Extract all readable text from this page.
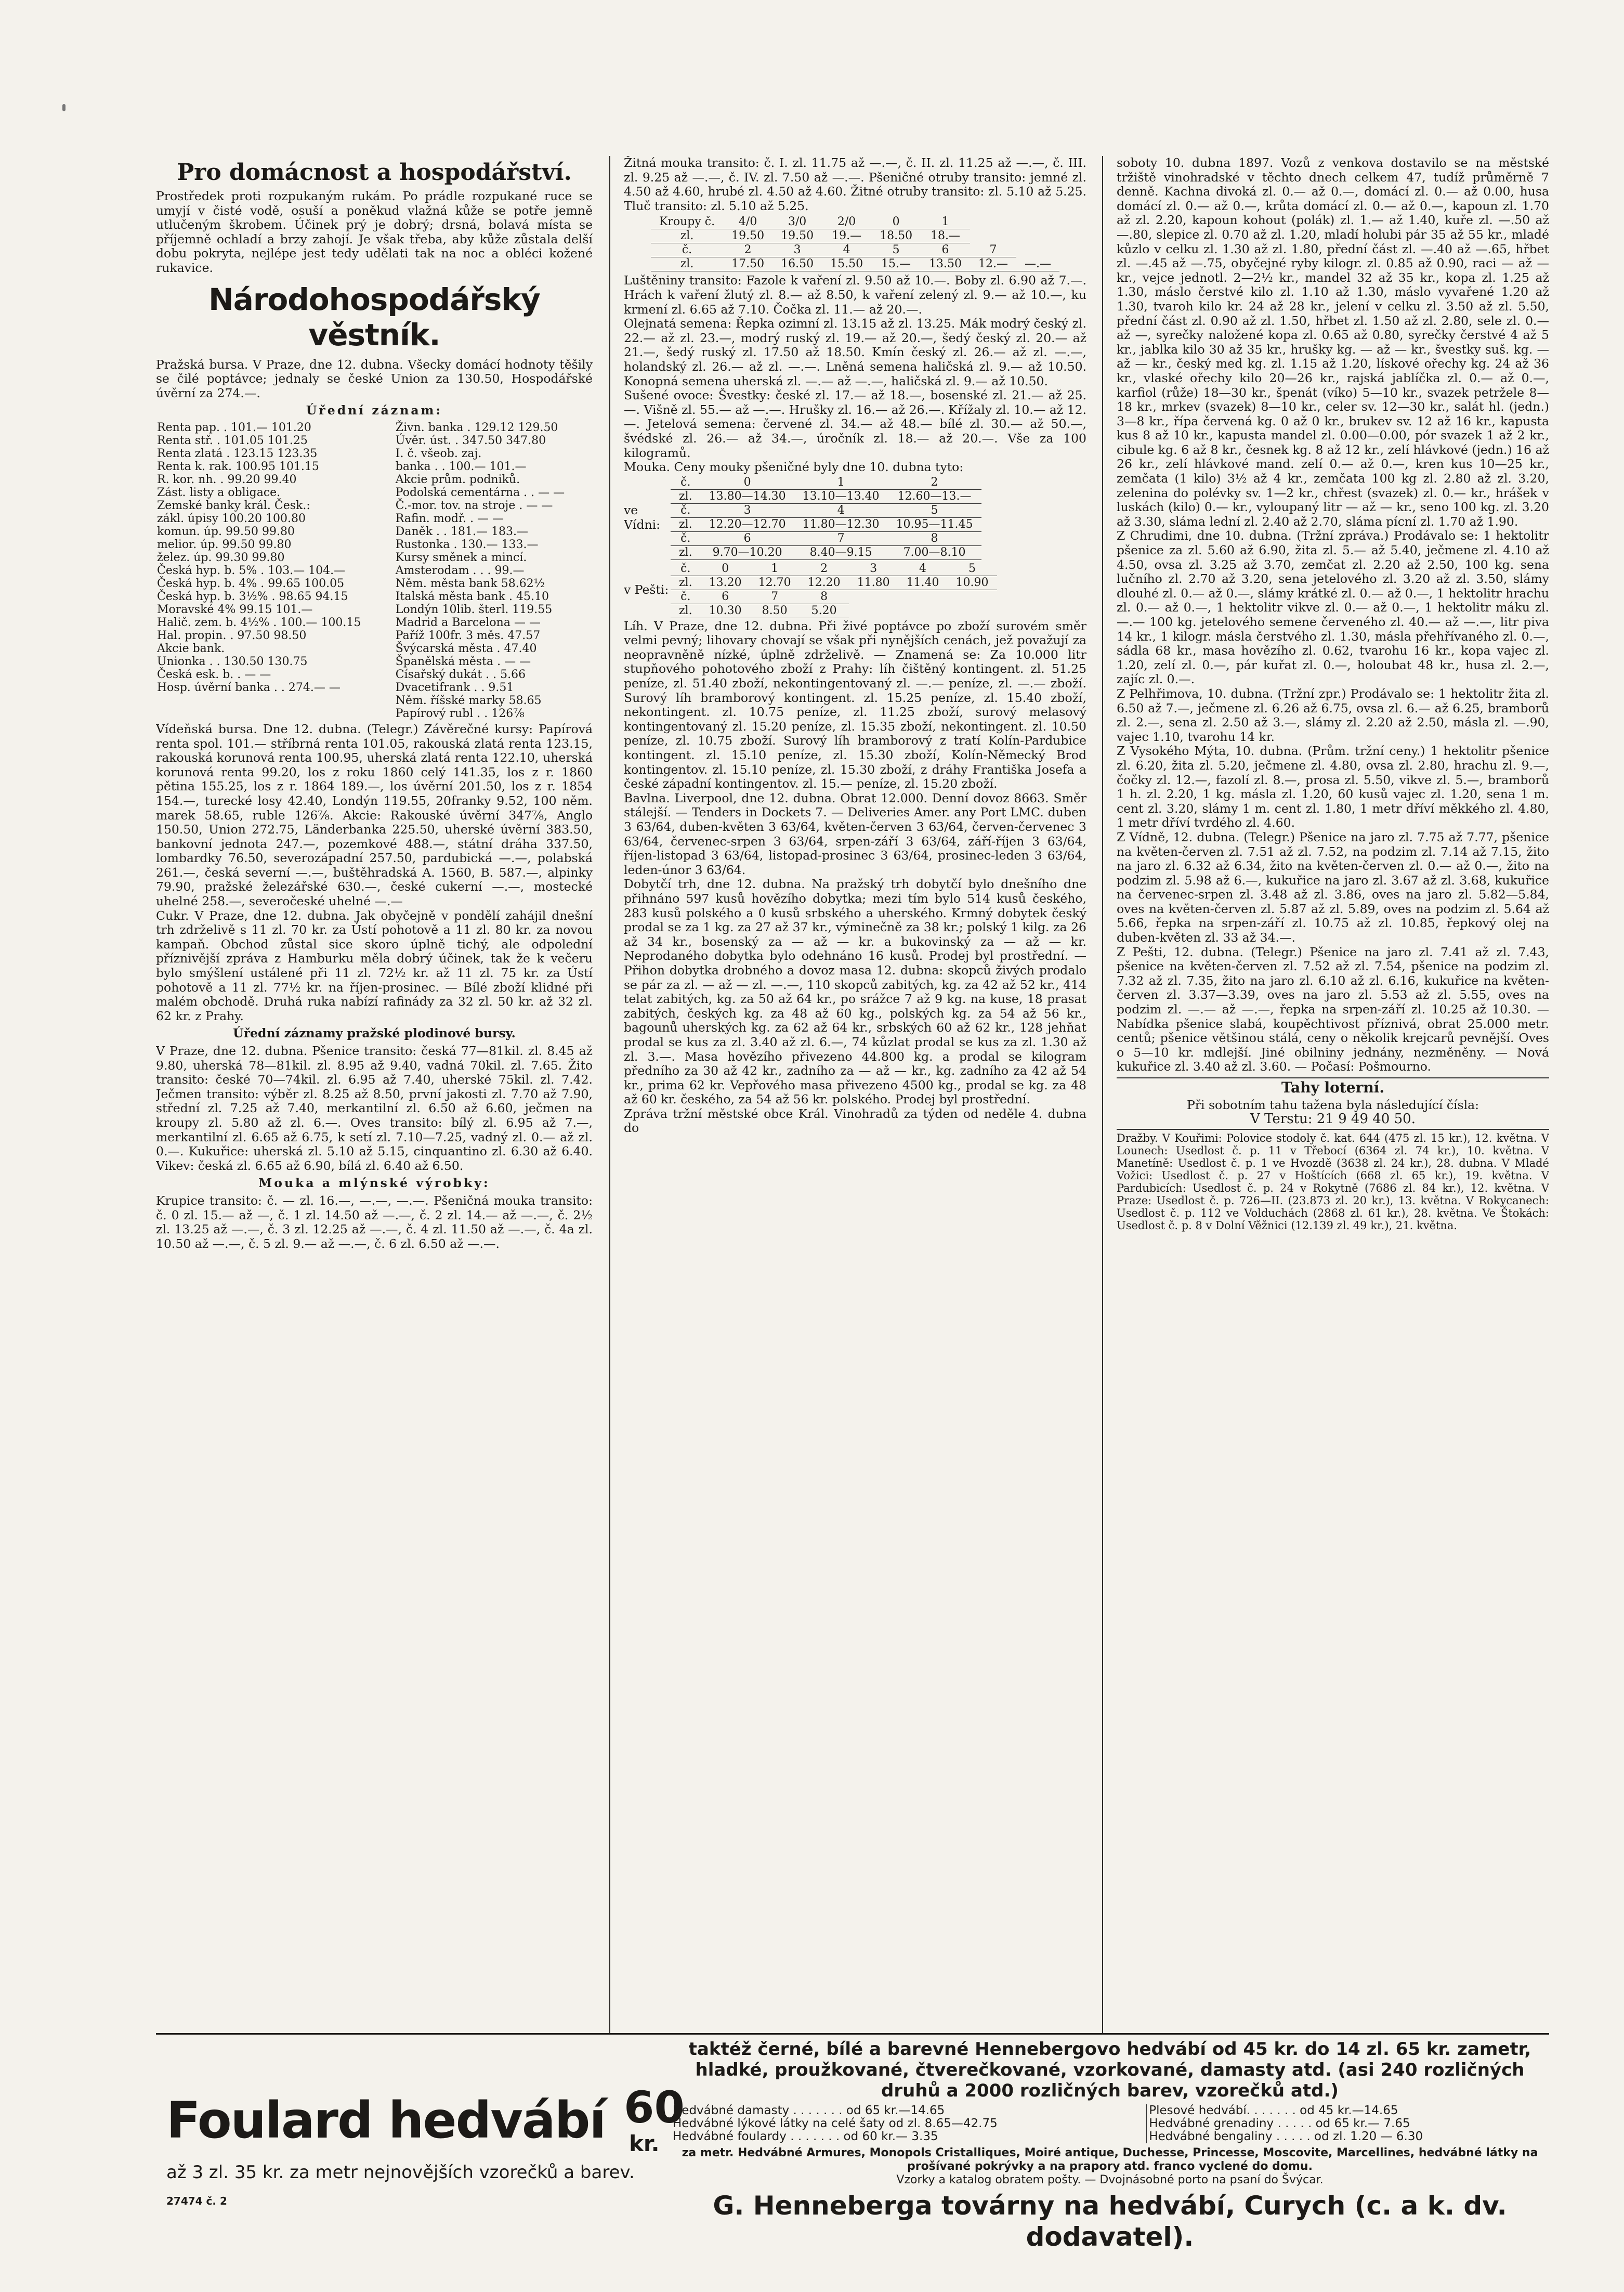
Pro domácnost a hospodářství.

Prostředek proti rozpukaným rukám. Po prádle rozpukané ruce se umyjí v čisté vodě, osuší a poněkud vlažná kůže se potře jemně utlučeným škrobem. Účinek prý je dobrý; drsná, bolavá místa se příjemně ochladí a brzy zahojí. Je však třeba, aby kůže zůstala delší dobu pokryta, nejlépe jest tedy udělati tak na noc a obléci kožené rukavice.

Národohospodářský věstník.

Pražská bursa. V Praze, dne 12. dubna. Všecky domácí hodnoty těšily se čilé poptávce; jednaly se české Union za 130.50, Hospodářské úvěrní za 274.—.

Úřední záznam:
Renta pap. . 101.— 101.20	Živn. banka . 129.12 129.50
Renta stř. . 101.05 101.25	Úvěr. úst. . 347.50 347.80
Renta zlatá . 123.15 123.35	I. č. všeob. zaj.
Renta k. rak. 100.95 101.15	banka . . 100.— 101.—
R. kor. nh. . 99.20 99.40	Akcie prům. podniků.
Zást. listy a obligace.	Podolská cementárna . . — —
Zemské banky král. Česk.:	Č.-mor. tov. na stroje . — —
zákl. úpisy 100.20 100.80	Rafin. modř. . — —
komun. úp. 99.50 99.80	Daněk . . 181.— 183.—
melior. úp. 99.50 99.80	Rustonka . 130.— 133.—
želez. úp. 99.30 99.80	Kursy směnek a mincí.
Česká hyp. b. 5% . 103.— 104.—	Amsterodam . . . 99.—
Česká hyp. b. 4% . 99.65 100.05	Něm. města bank 58.62½
Česká hyp. b. 3½% . 98.65 94.15	Italská města bank . 45.10
Moravské 4% 99.15 101.—	Londýn 10lib. šterl. 119.55
Halič. zem. b. 4½% . 100.— 100.15	Madrid a Barcelona — —
Hal. propin. . 97.50 98.50	Paříž 100fr. 3 měs. 47.57
Akcie bank.	Švýcarská města . 47.40
Unionka . . 130.50 130.75	Španělská města . — —
Česká esk. b. . — —	Císařský dukát . . 5.66
Hosp. úvěrní banka . . 274.— —	Dvacetifrank . . 9.51
	Něm. říšské marky 58.65
	Papírový rubl . . 126⅞

Vídeňská bursa. Dne 12. dubna. (Telegr.) Závěrečné kursy: Papírová renta spol. 101.— stříbrná renta 101.05, rakouská zlatá renta 123.15, rakouská korunová renta 100.95, uherská zlatá renta 122.10, uherská korunová renta 99.20, los z roku 1860 celý 141.35, los z r. 1860 pětina 155.25, los z r. 1864 189.—, los úvěrní 201.50, los z r. 1854 154.—, turecké losy 42.40, Londýn 119.55, 20franky 9.52, 100 něm. marek 58.65, ruble 126⅞. Akcie: Rakouské úvěrní 347⅞, Anglo 150.50, Union 272.75, Länderbanka 225.50, uherské úvěrní 383.50, bankovní jednota 247.—, pozemkové 488.—, státní dráha 337.50, lombardky 76.50, severozápadní 257.50, pardubická —.—, polabská 261.—, česká severní —.—, buštěhradská A. 1560, B. 587.—, alpinky 79.90, pražské železářské 630.—, české cukerní —.—, mostecké uhelné 258.—, severočeské uhelné —.—

Cukr. V Praze, dne 12. dubna. Jak obyčejně v pondělí zahájil dnešní trh zdrželivě s 11 zl. 70 kr. za Ústí pohotově a 11 zl. 80 kr. za novou kampaň. Obchod zůstal sice skoro úplně tichý, ale odpolední příznivější zpráva z Hamburku měla dobrý účinek, tak že k večeru bylo smýšlení ustálené při 11 zl. 72½ kr. až 11 zl. 75 kr. za Ústí pohotově a 11 zl. 77½ kr. na říjen-prosinec. — Bílé zboží klidné při malém obchodě. Druhá ruka nabízí rafinády za 32 zl. 50 kr. až 32 zl. 62 kr. z Prahy.

Úřední záznamy pražské plodinové bursy.

V Praze, dne 12. dubna. Pšenice transito: česká 77—81kil. zl. 8.45 až 9.80, uherská 78—81kil. zl. 8.95 až 9.40, vadná 70kil. zl. 7.65. Žito transito: české 70—74kil. zl. 6.95 až 7.40, uherské 75kil. zl. 7.42. Ječmen transito: výběr zl. 8.25 až 8.50, první jakosti zl. 7.70 až 7.90, střední zl. 7.25 až 7.40, merkantilní zl. 6.50 až 6.60, ječmen na kroupy zl. 5.80 až zl. 6.—. Oves transito: bílý zl. 6.95 až 7.—, merkantilní zl. 6.65 až 6.75, k setí zl. 7.10—7.25, vadný zl. 0.— až zl. 0.—. Kukuřice: uherská zl. 5.10 až 5.15, cinquantino zl. 6.30 až 6.40. Vikev: česká zl. 6.65 až 6.90, bílá zl. 6.40 až 6.50.

Mouka a mlýnské výrobky:

Krupice transito: č. — zl. 16.—, —.—, —.—. Pšeničná mouka transito: č. 0 zl. 15.— až —, č. 1 zl. 14.50 až —.—, č. 2 zl. 14.— až —.—, č. 2½ zl. 13.25 až —.—, č. 3 zl. 12.25 až —.—, č. 4 zl. 11.50 až —.—, č. 4a zl. 10.50 až —.—, č. 5 zl. 9.— až —.—, č. 6 zl. 6.50 až —.—.

Žitná mouka transito: č. I. zl. 11.75 až —.—, č. II. zl. 11.25 až —.—, č. III. zl. 9.25 až —.—, č. IV. zl. 7.50 až —.—. Pšeničné otruby transito: jemné zl. 4.50 až 4.60, hrubé zl. 4.50 až 4.60. Žitné otruby transito: zl. 5.10 až 5.25. Tluč transito: zl. 5.10 až 5.25.

Kroupy č.	4/0	3/0	2/0	0	1		
zl.	19.50	19.50	19.—	18.50	18.—		
č.	2	3	4	5	6	7	
zl.	17.50	16.50	15.50	15.—	13.50	12.—	—.—

Luštěniny transito: Fazole k vaření zl. 9.50 až 10.—. Boby zl. 6.90 až 7.—. Hrách k vaření žlutý zl. 8.— až 8.50, k vaření zelený zl. 9.— až 10.—, ku krmení zl. 6.65 až 7.10. Čočka zl. 11.— až 20.—.

Olejnatá semena: Řepka ozimní zl. 13.15 až zl. 13.25. Mák modrý český zl. 22.— až zl. 23.—, modrý ruský zl. 19.— až 20.—, šedý český zl. 20.— až 21.—, šedý ruský zl. 17.50 až 18.50. Kmín český zl. 26.— až zl. —.—, holandský zl. 26.— až zl. —.—. Lněná semena haličská zl. 9.— až 10.50. Konopná semena uherská zl. —.— až —.—, haličská zl. 9.— až 10.50.

Sušené ovoce: Švestky: české zl. 17.— až 18.—, bosenské zl. 21.— až 25.—. Višně zl. 55.— až —.—. Hrušky zl. 16.— až 26.—. Křížaly zl. 10.— až 12.—. Jetelová semena: červené zl. 34.— až 48.— bílé zl. 30.— až 50.—, švédské zl. 26.— až 34.—, úročník zl. 18.— až 20.—. Vše za 100 kilogramů.

Mouka. Ceny mouky pšeničné byly dne 10. dubna tyto:

ve Vídni:
č.	0	1	2
zl.	13.80—14.30	13.10—13.40	12.60—13.—
č.	3	4	5
zl.	12.20—12.70	11.80—12.30	10.95—11.45
č.	6	7	8
zl.	9.70—10.20	8.40—9.15	7.00—8.10
v Pešti:
č.	0	1	2	3	4	5
zl.	13.20	12.70	12.20	11.80	11.40	10.90
č.	6	7	8			
zl.	10.30	8.50	5.20			

Líh. V Praze, dne 12. dubna. Při živé poptávce po zboží surovém směr velmi pevný; lihovary chovají se však při nynějších cenách, jež považují za neopravněně nízké, úplně zdrželivě. — Znamená se: Za 10.000 litr stupňového pohotového zboží z Prahy: líh čištěný kontingent. zl. 51.25 peníze, zl. 51.40 zboží, nekontingentovaný zl. —.— peníze, zl. —.— zboží. Surový líh bramborový kontingent. zl. 15.25 peníze, zl. 15.40 zboží, nekontingent. zl. 10.75 peníze, zl. 11.25 zboží, surový melasový kontingentovaný zl. 15.20 peníze, zl. 15.35 zboží, nekontingent. zl. 10.50 peníze, zl. 10.75 zboží. Surový líh bramborový z tratí Kolín-Pardubice kontingent. zl. 15.10 peníze, zl. 15.30 zboží, Kolín-Německý Brod kontingentov. zl. 15.10 peníze, zl. 15.30 zboží, z dráhy Františka Josefa a české západní kontingentov. zl. 15.— peníze, zl. 15.20 zboží.

Bavlna. Liverpool, dne 12. dubna. Obrat 12.000. Denní dovoz 8663. Směr stálejší. — Tenders in Dockets 7. — Deliveries Amer. any Port LMC. duben 3 63/64, duben-květen 3 63/64, květen-červen 3 63/64, červen-červenec 3 63/64, červenec-srpen 3 63/64, srpen-září 3 63/64, září-říjen 3 63/64, říjen-listopad 3 63/64, listopad-prosinec 3 63/64, prosinec-leden 3 63/64, leden-únor 3 63/64.

Dobytčí trh, dne 12. dubna. Na pražský trh dobytčí bylo dnešního dne přihnáno 597 kusů hovězího dobytka; mezi tím bylo 514 kusů českého, 283 kusů polského a 0 kusů srbského a uherského. Krmný dobytek český prodal se za 1 kg. za 27 až 37 kr., výminečně za 38 kr.; polský 1 kilg. za 26 až 34 kr., bosenský za — až — kr. a bukovinský za — až — kr. Neprodaného dobytka bylo odehnáno 16 kusů. Prodej byl prostřední. — Přihon dobytka drobného a dovoz masa 12. dubna: skopců živých prodalo se pár za zl. — až — zl. —.—, 110 skopců zabitých, kg. za 42 až 52 kr., 414 telat zabitých, kg. za 50 až 64 kr., po srážce 7 až 9 kg. na kuse, 18 prasat zabitých, českých kg. za 48 až 60 kg., polských kg. za 54 až 56 kr., bagounů uherských kg. za 62 až 64 kr., srbských 60 až 62 kr., 128 jehňat prodal se kus za zl. 3.40 až zl. 6.—, 74 kůzlat prodal se kus za zl. 1.30 až zl. 3.—. Masa hovězího přivezeno 44.800 kg. a prodal se kilogram předního za 30 až 42 kr., zadního za — až — kr., kg. zadního za 42 až 54 kr., prima 62 kr. Vepřového masa přivezeno 4500 kg., prodal se kg. za 48 až 60 kr. českého, za 54 až 56 kr. polského. Prodej byl prostřední.

Zpráva tržní městské obce Král. Vinohradů za týden od neděle 4. dubna do

soboty 10. dubna 1897. Vozů z venkova dostavilo se na městské tržiště vinohradské v těchto dnech celkem 47, tudíž průměrně 7 denně. Kachna divoká zl. 0.— až 0.—, domácí zl. 0.— až 0.00, husa domácí zl. 0.— až 0.—, krůta domácí zl. 0.— až 0.—, kapoun zl. 1.70 až zl. 2.20, kapoun kohout (polák) zl. 1.— až 1.40, kuře zl. —.50 až —.80, slepice zl. 0.70 až zl. 1.20, mladí holubi pár 35 až 55 kr., mladé kůzlo v celku zl. 1.30 až zl. 1.80, přední část zl. —.40 až —.65, hřbet zl. —.45 až —.75, obyčejné ryby kilogr. zl. 0.85 až 0.90, raci — až — kr., vejce jednotl. 2—2½ kr., mandel 32 až 35 kr., kopa zl. 1.25 až 1.30, máslo čerstvé kilo zl. 1.10 až 1.30, máslo vyvařené 1.20 až 1.30, tvaroh kilo kr. 24 až 28 kr., jelení v celku zl. 3.50 až zl. 5.50, přední část zl. 0.90 až zl. 1.50, hřbet zl. 1.50 až zl. 2.80, sele zl. 0.— až —, syrečky naložené kopa zl. 0.65 až 0.80, syrečky čerstvé 4 až 5 kr., jablka kilo 30 až 35 kr., hrušky kg. — až — kr., švestky suš. kg. — až — kr., český med kg. zl. 1.15 až 1.20, lískové ořechy kg. 24 až 36 kr., vlaské ořechy kilo 20—26 kr., rajská jablíčka zl. 0.— až 0.—, karfiol (růže) 18—30 kr., špenát (víko) 5—10 kr., svazek petržele 8—18 kr., mrkev (svazek) 8—10 kr., celer sv. 12—30 kr., salát hl. (jedn.) 3—8 kr., řípa červená kg. 0 až 0 kr., brukev sv. 12 až 16 kr., kapusta kus 8 až 10 kr., kapusta mandel zl. 0.00—0.00, pór svazek 1 až 2 kr., cibule kg. 6 až 8 kr., česnek kg. 8 až 12 kr., zelí hlávkové (jedn.) 16 až 26 kr., zelí hlávkové mand. zelí 0.— až 0.—, kren kus 10—25 kr., zemčata (1 kilo) 3½ až 4 kr., zemčata 100 kg zl. 2.80 až zl. 3.20, zelenina do polévky sv. 1—2 kr., chřest (svazek) zl. 0.— kr., hrášek v luskách (kilo) 0.— kr., vyloupaný litr — až — kr., seno 100 kg. zl. 3.20 až 3.30, sláma lední zl. 2.40 až 2.70, sláma pícní zl. 1.70 až 1.90.

Z Chrudimi, dne 10. dubna. (Tržní zpráva.) Prodávalo se: 1 hektolitr pšenice za zl. 5.60 až 6.90, žita zl. 5.— až 5.40, ječmene zl. 4.10 až 4.50, ovsa zl. 3.25 až 3.70, zemčat zl. 2.20 až 2.50, 100 kg. sena lučního zl. 2.70 až 3.20, sena jetelového zl. 3.20 až zl. 3.50, slámy dlouhé zl. 0.— až 0.—, slámy krátké zl. 0.— až 0.—, 1 hektolitr hrachu zl. 0.— až 0.—, 1 hektolitr vikve zl. 0.— až 0.—, 1 hektolitr máku zl. —.— 100 kg. jetelového semene červeného zl. 40.— až —.—, litr piva 14 kr., 1 kilogr. másla čerstvého zl. 1.30, másla přehřívaného zl. 0.—, sádla 68 kr., masa hovězího zl. 0.62, tvarohu 16 kr., kopa vajec zl. 1.20, zelí zl. 0.—, pár kuřat zl. 0.—, holoubat 48 kr., husa zl. 2.—, zajíc zl. 0.—.

Z Pelhřimova, 10. dubna. (Tržní zpr.) Prodávalo se: 1 hektolitr žita zl. 6.50 až 7.—, ječmene zl. 6.26 až 6.75, ovsa zl. 6.— až 6.25, bramborů zl. 2.—, sena zl. 2.50 až 3.—, slámy zl. 2.20 až 2.50, másla zl. —.90, vajec 1.10, tvarohu 14 kr.

Z Vysokého Mýta, 10. dubna. (Prům. tržní ceny.) 1 hektolitr pšenice zl. 6.20, žita zl. 5.20, ječmene zl. 4.80, ovsa zl. 2.80, hrachu zl. 9.—, čočky zl. 12.—, fazolí zl. 8.—, prosa zl. 5.50, vikve zl. 5.—, bramborů 1 h. zl. 2.20, 1 kg. másla zl. 1.20, 60 kusů vajec zl. 1.20, sena 1 m. cent zl. 3.20, slámy 1 m. cent zl. 1.80, 1 metr dříví měkkého zl. 4.80, 1 metr dříví tvrdého zl. 4.60.

Z Vídně, 12. dubna. (Telegr.) Pšenice na jaro zl. 7.75 až 7.77, pšenice na květen-červen zl. 7.51 až zl. 7.52, na podzim zl. 7.14 až 7.15, žito na jaro zl. 6.32 až 6.34, žito na květen-červen zl. 0.— až 0.—, žito na podzim zl. 5.98 až 6.—, kukuřice na jaro zl. 3.67 až zl. 3.68, kukuřice na červenec-srpen zl. 3.48 až zl. 3.86, oves na jaro zl. 5.82—5.84, oves na květen-červen zl. 5.87 až zl. 5.89, oves na podzim zl. 5.64 až 5.66, řepka na srpen-září zl. 10.75 až zl. 10.85, řepkový olej na duben-květen zl. 33 až 34.—.

Z Pešti, 12. dubna. (Telegr.) Pšenice na jaro zl. 7.41 až zl. 7.43, pšenice na květen-červen zl. 7.52 až zl. 7.54, pšenice na podzim zl. 7.32 až zl. 7.35, žito na jaro zl. 6.10 až zl. 6.16, kukuřice na květen-červen zl. 3.37—3.39, oves na jaro zl. 5.53 až zl. 5.55, oves na podzim zl. —.— až —.—, řepka na srpen-září zl. 10.25 až 10.30. — Nabídka pšenice slabá, koupěchtivost příznivá, obrat 25.000 metr. centů; pšenice většinou stálá, ceny o několik krejcarů pevnější. Oves o 5—10 kr. mdlejší. Jiné obilniny jednány, nezměněny. — Nová kukuřice zl. 3.40 až zl. 3.60. — Počasí: Pošmourno.

Tahy loterní.

Při sobotním tahu tažena byla následující čísla:

V Terstu: 21 9 49 40 50.

Dražby. V Kouřimi: Polovice stodoly č. kat. 644 (475 zl. 15 kr.), 12. května. V Lounech: Usedlost č. p. 11 v Třebocí (6364 zl. 74 kr.), 10. května. V Manetíně: Usedlost č. p. 1 ve Hvozdě (3638 zl. 24 kr.), 28. dubna. V Mladé Vožici: Usedlost č. p. 27 v Hoštících (668 zl. 65 kr.), 19. května. V Pardubicích: Usedlost č. p. 24 v Rokytně (7686 zl. 84 kr.), 12. května. V Praze: Usedlost č. p. 726—II. (23.873 zl. 20 kr.), 13. května. V Rokycanech: Usedlost č. p. 112 ve Volduchách (2868 zl. 61 kr.), 28. května. Ve Štokách: Usedlost č. p. 8 v Dolní Věžnici (12.139 zl. 49 kr.), 21. května.

Foulard hedvábí 60
kr.
až 3 zl. 35 kr. za metr nejnovějších vzorečků a barev.
27474 č. 2
taktéž černé, bílé a barevné Hennebergovo hedvábí od 45 kr. do 14 zl. 65 kr. zametr, hladké, proužkované, čtverečkované, vzorkované, damasty atd. (asi 240 rozličných druhů a 2000 rozličných barev, vzorečků atd.)
Hedvábné damasty . . . . . . . od 65 kr.—14.65	Plesové hedvábí. . . . . . . od 45 kr.—14.65
Hedvábné lýkové látky na celé šaty od zl. 8.65—42.75	Hedvábné grenadiny . . . . . od 65 kr.— 7.65
Hedvábné foulardy . . . . . . . od 60 kr.— 3.35	Hedvábné bengaliny . . . . . od zl. 1.20 — 6.30
za metr. Hedvábné Armures, Monopols Cristalliques, Moiré antique, Duchesse, Princesse, Moscovite, Marcellines, hedvábné látky na prošívané pokrývky a na prapory atd. franco vyclené do domu.
Vzorky a katalog obratem pošty. — Dvojnásobné porto na psaní do Švýcar.
G. Henneberga továrny na hedvábí, Curych (c. a k. dv. dodavatel).
